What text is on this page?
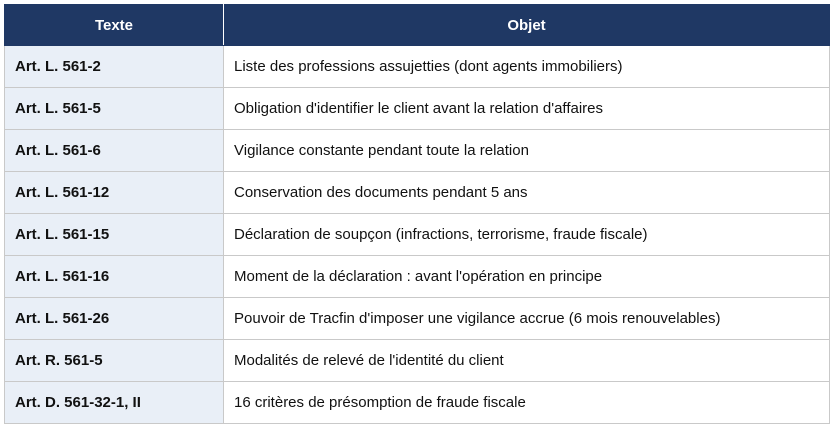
Texte	Objet
Art. L. 561-2	Liste des professions assujetties (dont agents immobiliers)
Art. L. 561-5	Obligation d'identifier le client avant la relation d'affaires
Art. L. 561-6	Vigilance constante pendant toute la relation
Art. L. 561-12	Conservation des documents pendant 5 ans
Art. L. 561-15	Déclaration de soupçon (infractions, terrorisme, fraude fiscale)
Art. L. 561-16	Moment de la déclaration : avant l'opération en principe
Art. L. 561-26	Pouvoir de Tracfin d'imposer une vigilance accrue (6 mois renouvelables)
Art. R. 561-5	Modalités de relevé de l'identité du client
Art. D. 561-32-1, II	16 critères de présomption de fraude fiscale
